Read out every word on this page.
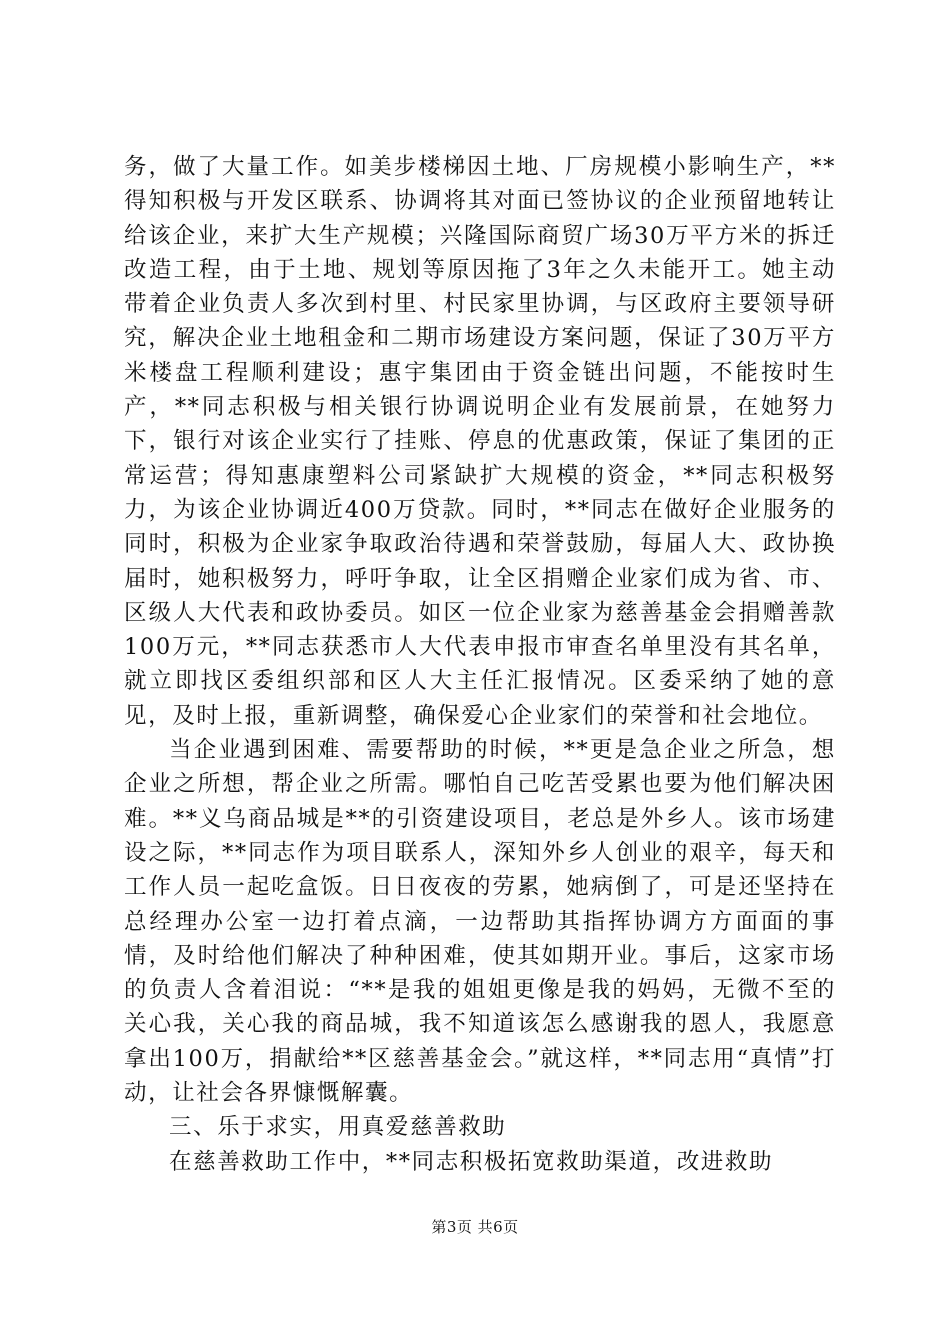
务，做了大量工作。如美步楼梯因土地、厂房规模小影响生产，**得知积极与开发区联系、协调将其对面已签协议的企业预留地转让给该企业，来扩大生产规模；兴隆国际商贸广场30万平方米的拆迁改造工程，由于土地、规划等原因拖了3年之久未能开工。她主动带着企业负责人多次到村里、村民家里协调，与区政府主要领导研究，解决企业土地租金和二期市场建设方案问题，保证了30万平方米楼盘工程顺利建设；惠宇集团由于资金链出问题，不能按时生产，**同志积极与相关银行协调说明企业有发展前景，在她努力下，银行对该企业实行了挂账、停息的优惠政策，保证了集团的正常运营；得知惠康塑料公司紧缺扩大规模的资金，**同志积极努力，为该企业协调近400万贷款。同时，**同志在做好企业服务的同时，积极为企业家争取政治待遇和荣誉鼓励，每届人大、政协换届时，她积极努力，呼吁争取，让全区捐赠企业家们成为省、市、区级人大代表和政协委员。如区一位企业家为慈善基金会捐赠善款100万元，**同志获悉市人大代表申报市审查名单里没有其名单，就立即找区委组织部和区人大主任汇报情况。区委采纳了她的意见，及时上报，重新调整，确保爱心企业家们的荣誉和社会地位。

当企业遇到困难、需要帮助的时候，**更是急企业之所急，想企业之所想，帮企业之所需。哪怕自己吃苦受累也要为他们解决困难。**义乌商品城是**的引资建设项目，老总是外乡人。该市场建设之际，**同志作为项目联系人，深知外乡人创业的艰辛，每天和工作人员一起吃盒饭。日日夜夜的劳累，她病倒了，可是还坚持在总经理办公室一边打着点滴，一边帮助其指挥协调方方面面的事情，及时给他们解决了种种困难，使其如期开业。事后，这家市场的负责人含着泪说：“**是我的姐姐更像是我的妈妈，无微不至的关心我，关心我的商品城，我不知道该怎么感谢我的恩人，我愿意拿出100万，捐献给**区慈善基金会。”就这样，**同志用“真情”打动，让社会各界慷慨解囊。

三、乐于求实，用真爱慈善救助

在慈善救助工作中，**同志积极拓宽救助渠道，改进救助

第3页 共6页
